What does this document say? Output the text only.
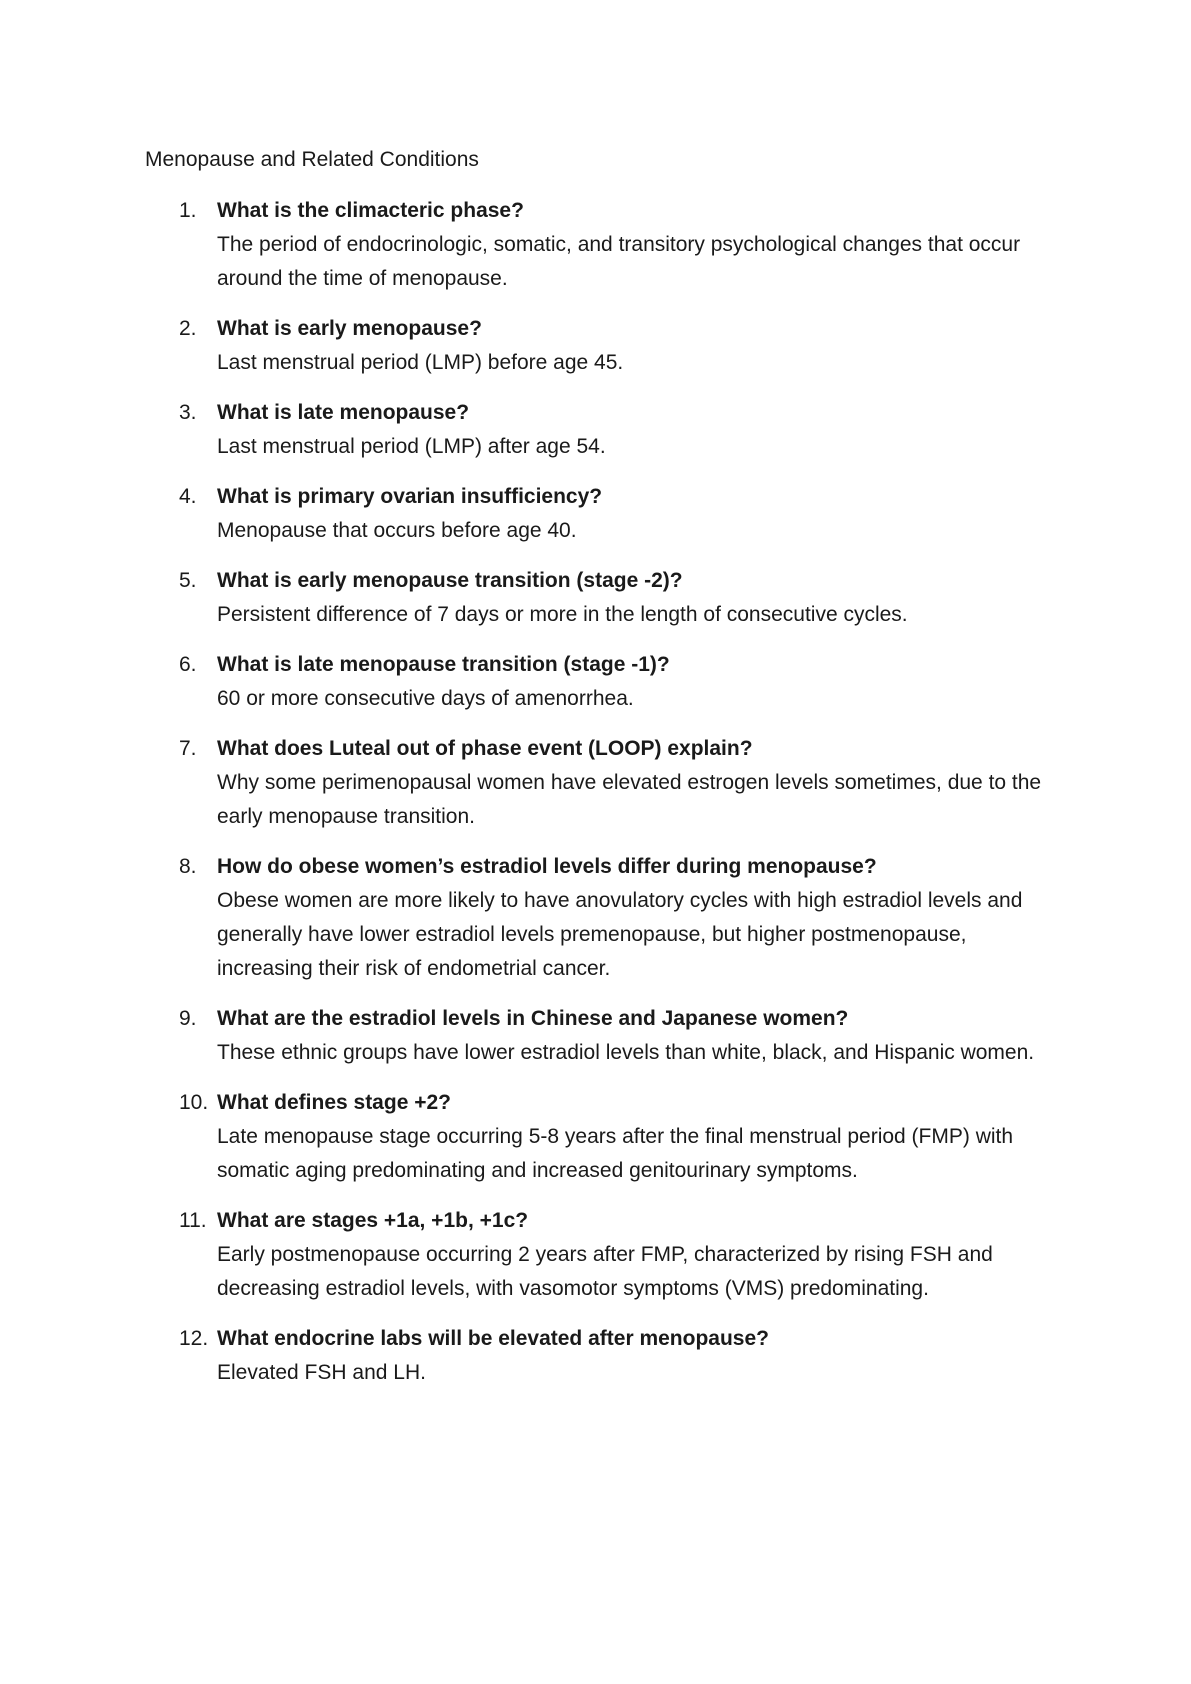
Menopause and Related Conditions
1. What is the climacteric phase?
The period of endocrinologic, somatic, and transitory psychological changes that occur around the time of menopause.
2. What is early menopause?
Last menstrual period (LMP) before age 45.
3. What is late menopause?
Last menstrual period (LMP) after age 54.
4. What is primary ovarian insufficiency?
Menopause that occurs before age 40.
5. What is early menopause transition (stage -2)?
Persistent difference of 7 days or more in the length of consecutive cycles.
6. What is late menopause transition (stage -1)?
60 or more consecutive days of amenorrhea.
7. What does Luteal out of phase event (LOOP) explain?
Why some perimenopausal women have elevated estrogen levels sometimes, due to the early menopause transition.
8. How do obese women’s estradiol levels differ during menopause?
Obese women are more likely to have anovulatory cycles with high estradiol levels and generally have lower estradiol levels premenopause, but higher postmenopause, increasing their risk of endometrial cancer.
9. What are the estradiol levels in Chinese and Japanese women?
These ethnic groups have lower estradiol levels than white, black, and Hispanic women.
10. What defines stage +2?
Late menopause stage occurring 5-8 years after the final menstrual period (FMP) with somatic aging predominating and increased genitourinary symptoms.
11. What are stages +1a, +1b, +1c?
Early postmenopause occurring 2 years after FMP, characterized by rising FSH and decreasing estradiol levels, with vasomotor symptoms (VMS) predominating.
12. What endocrine labs will be elevated after menopause?
Elevated FSH and LH.
